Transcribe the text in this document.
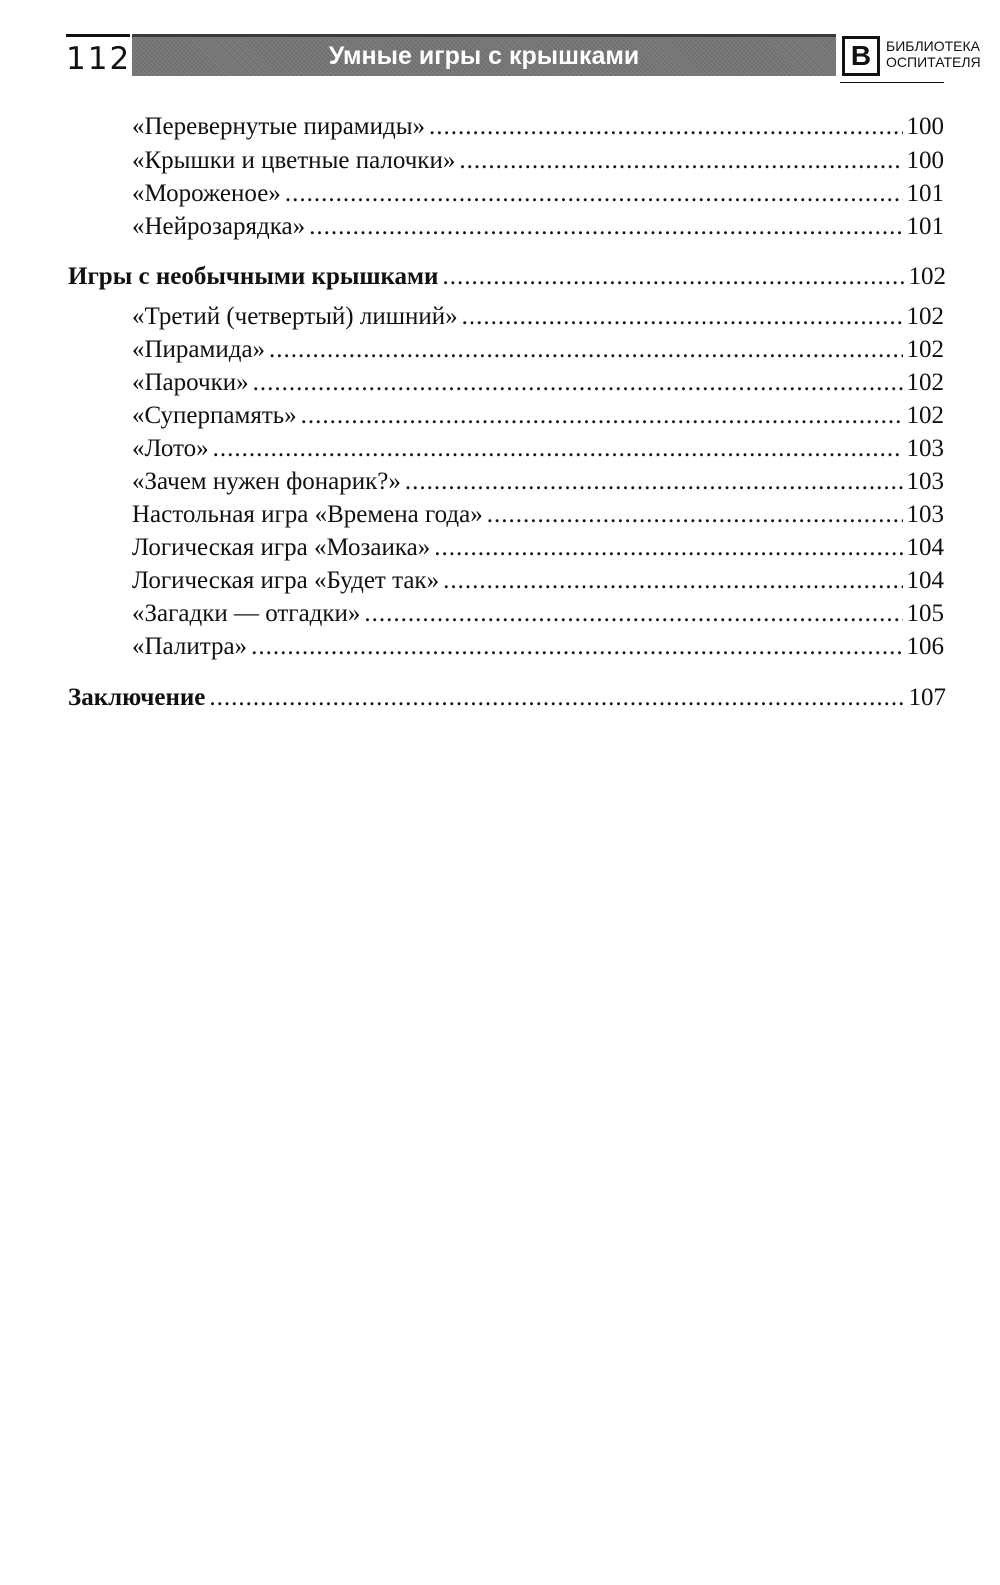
112	Умные игры с крышками	В	БИБЛИОТЕКА
ОСПИТАТЕЛЯ
«Перевернутые пирамиды» .....	100
«Крышки и цветные палочки» .....	100
«Мороженое» .....	101
«Нейрозарядка» .....	101
Игры с необычными крышками .....	102
«Третий (четвертый) лишний» .....	102
«Пирамида» .....	102
«Парочки» .....	102
«Суперпамять» .....	102
«Лото» .....	103
«Зачем нужен фонарик?» .....	103
Настольная игра «Времена года» .....	103
Логическая игра «Мозаика» .....	104
Логическая игра «Будет так» .....	104
«Загадки — отгадки» .....	105
«Палитра» .....	106
Заключение .....	107
